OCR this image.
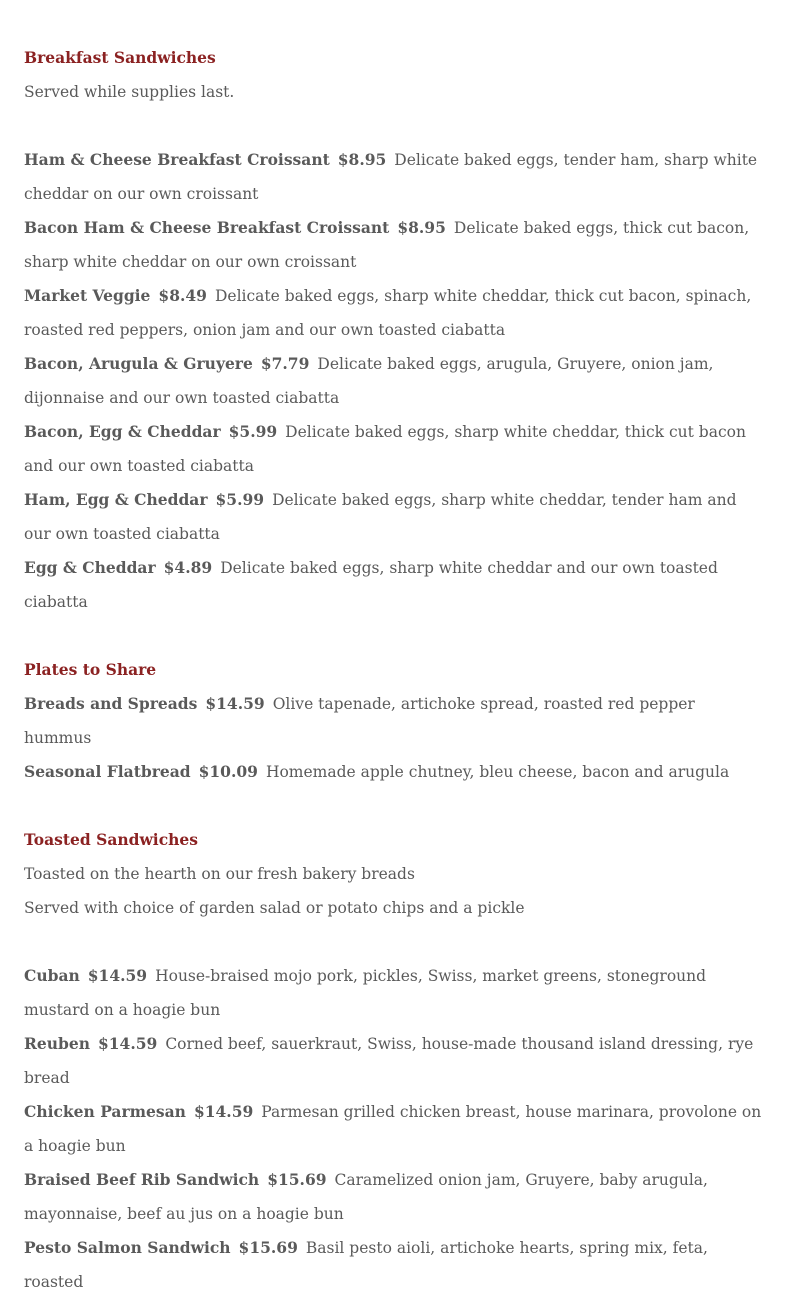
Breakfast Sandwiches

Served while supplies last.

Ham & Cheese Breakfast Croissant $8.95 Delicate baked eggs, tender ham, sharp white cheddar on our own croissant

Bacon Ham & Cheese Breakfast Croissant $8.95 Delicate baked eggs, thick cut bacon, sharp white cheddar on our own croissant

Market Veggie $8.49 Delicate baked eggs, sharp white cheddar, thick cut bacon, spinach, roasted red peppers, onion jam and our own toasted ciabatta

Bacon, Arugula & Gruyere $7.79 Delicate baked eggs, arugula, Gruyere, onion jam, dijonnaise and our own toasted ciabatta

Bacon, Egg & Cheddar $5.99 Delicate baked eggs, sharp white cheddar, thick cut bacon and our own toasted ciabatta

Ham, Egg & Cheddar $5.99 Delicate baked eggs, sharp white cheddar, tender ham and our own toasted ciabatta

Egg & Cheddar $4.89 Delicate baked eggs, sharp white cheddar and our own toasted ciabatta

Plates to Share

Breads and Spreads $14.59 Olive tapenade, artichoke spread, roasted red pepper hummus

Seasonal Flatbread $10.09 Homemade apple chutney, bleu cheese, bacon and arugula

Toasted Sandwiches

Toasted on the hearth on our fresh bakery breads

Served with choice of garden salad or potato chips and a pickle

Cuban $14.59 House-braised mojo pork, pickles, Swiss, market greens, stoneground mustard on a hoagie bun

Reuben $14.59 Corned beef, sauerkraut, Swiss, house-made thousand island dressing, rye bread

Chicken Parmesan $14.59 Parmesan grilled chicken breast, house marinara, provolone on a hoagie bun

Braised Beef Rib Sandwich $15.69 Caramelized onion jam, Gruyere, baby arugula, mayonnaise, beef au jus on a hoagie bun

Pesto Salmon Sandwich $15.69 Basil pesto aioli, artichoke hearts, spring mix, feta, roasted
